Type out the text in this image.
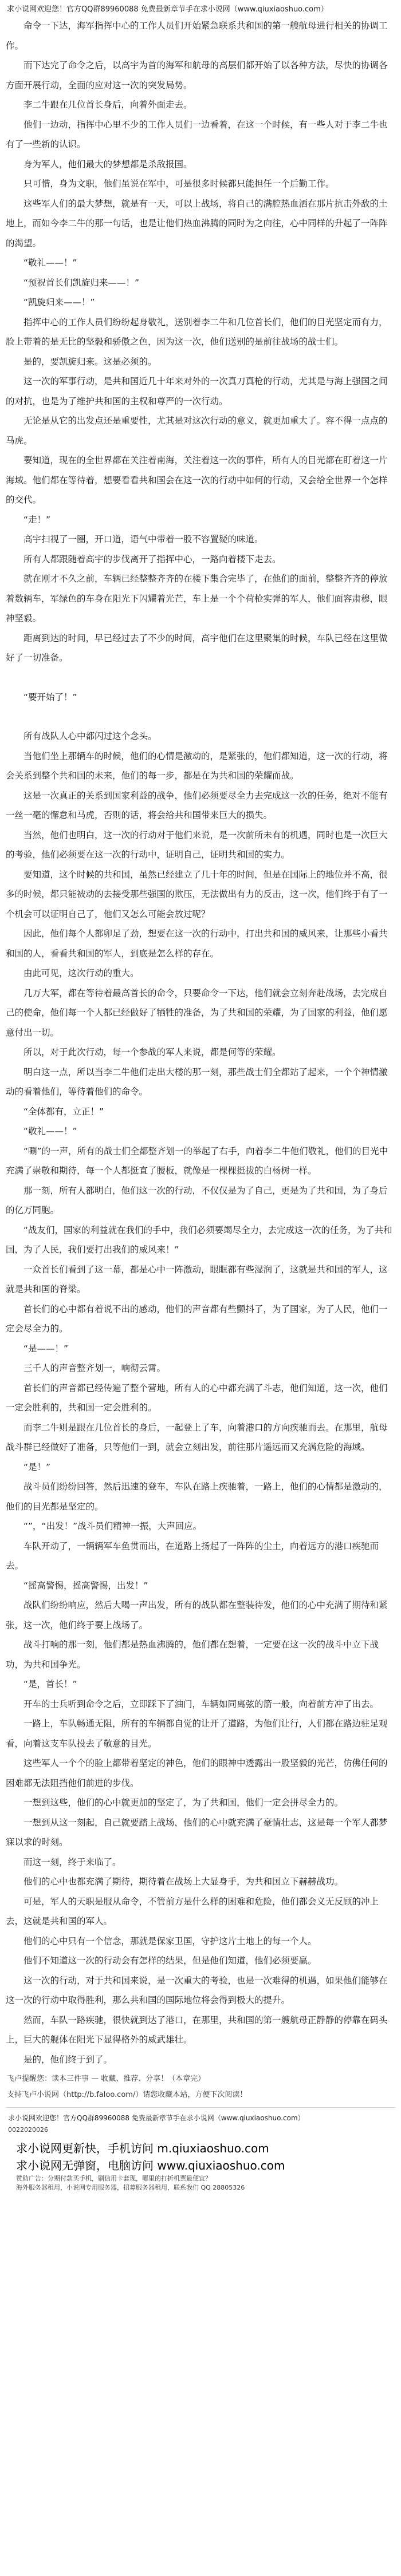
求小说网欢迎您！官方QQ群89960088 免费最新章节手在求小说网（www.qiuxiaoshuo.com）

命令一下达，海军指挥中心的工作人员们开始紧急联系共和国的第一艘航母进行相关的协调工作。

而下达完了命令之后，以高宇为首的海军和航母的高层们都开始了以各种方法，尽快的协调各方面开展行动，全面的应对这一次的突发局势。

李二牛跟在几位首长身后，向着外面走去。

他们一边动，指挥中心里不少的工作人员们一边看着，在这一个时候，有一些人对于李二牛也有了一些新的认识。

身为军人，他们最大的梦想都是杀敌报国。

只可惜，身为文职，他们虽说在军中，可是很多时候都只能担任一个后勤工作。

这些军人们的最大梦想，就是有一天，可以上战场，将自己的满腔热血洒在那片抗击外敌的土地上，而如今李二牛的那一句话，也是让他们热血沸腾的同时为之向往，心中同样的升起了一阵阵的渴望。

“敬礼——！”

“预祝首长们凯旋归来——！”

“凯旋归来——！”

指挥中心的工作人员们纷纷起身敬礼，送别着李二牛和几位首长们，他们的目光坚定而有力，脸上带着的是无比的坚毅和骄傲之色，因为这一次，他们送别的是前往战场的战士们。

是的，要凯旋归来。这是必须的。

这一次的军事行动，是共和国近几十年来对外的一次真刀真枪的行动，尤其是与海上强国之间的对抗，也是为了维护共和国的主权和尊严的一次行动。

无论是从它的出发点还是重要性，尤其是对这次行动的意义，就更加重大了。容不得一点点的马虎。

要知道，现在的全世界都在关注着南海，关注着这一次的事件，所有人的目光都在盯着这一片海域。他们都在等待着，想要看看共和国会在这一次的行动中如何的行动，又会给全世界一个怎样的交代。

“走！”

高宇扫视了一圈，开口道，语气中带着一股不容置疑的味道。

所有人都跟随着高宇的步伐离开了指挥中心，一路向着楼下走去。

就在刚才不久之前，车辆已经整整齐齐的在楼下集合完毕了，在他们的面前，整整齐齐的停放着数辆车，军绿色的车身在阳光下闪耀着光芒，车上是一个个荷枪实弹的军人，他们面容肃穆，眼神坚毅。

距离到达的时间，早已经过去了不少的时间，高宇他们在这里聚集的时候，车队已经在这里做好了一切准备。

“要开始了！”

所有战队人心中都闪过这个念头。

当他们坐上那辆车的时候，他们的心情是激动的，是紧张的，他们都知道，这一次的行动，将会关系到整个共和国的未来，他们的每一步，都是在为共和国的荣耀而战。

这是一次真正的关系到国家利益的战争，他们必须要尽全力去完成这一次的任务，绝对不能有一丝一毫的懈怠和马虎，否则的话，将会给共和国带来巨大的损失。

当然，他们也明白，这一次的行动对于他们来说，是一次前所未有的机遇，同时也是一次巨大的考验，他们必须要在这一次的行动中，证明自己，证明共和国的实力。

要知道，这个时候的共和国，虽然已经建立了几十年的时间，但是在国际上的地位并不高，很多的时候，都只能被动的去接受那些强国的欺压，无法做出有力的反击，这一次，他们终于有了一个机会可以证明自己了，他们又怎么可能会放过呢？

因此，他们每个人都卯足了劲，想要在这一次的行动中，打出共和国的威风来，让那些小看共和国的人，看看共和国的军人，到底是怎么样的存在。

由此可见，这次行动的重大。

几万大军，都在等待着最高首长的命令，只要命令一下达，他们就会立刻奔赴战场，去完成自己的使命，他们每一个人都已经做好了牺牲的准备，为了共和国的荣耀，为了国家的利益，他们愿意付出一切。

所以，对于此次行动，每一个参战的军人来说，都是何等的荣耀。

明白这一点，所以当李二牛他们走出大楼的那一刻，那些战士们全都站了起来，一个个神情激动的看着他们，等待着他们的命令。

“全体都有，立正！”

“敬礼——！”

“唰”的一声，所有的战士们全都整齐划一的举起了右手，向着李二牛他们敬礼，他们的目光中充满了崇敬和期待，每一个人都挺直了腰板，就像是一棵棵挺拔的白杨树一样。

那一刻，所有人都明白，他们这一次的行动，不仅仅是为了自己，更是为了共和国，为了身后的亿万同胞。

“战友们，国家的利益就在我们的手中，我们必须要竭尽全力，去完成这一次的任务，为了共和国，为了人民，我们要打出我们的威风来！”

一众首长们看到了这一幕，都是心中一阵激动，眼眶都有些湿润了，这就是共和国的军人，这就是共和国的脊梁。

首长们的心中都有着说不出的感动，他们的声音都有些颤抖了，为了国家，为了人民，他们一定会尽全力的。

“是——！”

三千人的声音整齐划一，响彻云霄。

首长们的声音都已经传遍了整个营地，所有人的心中都充满了斗志，他们知道，这一次，他们一定会胜利的，共和国一定会胜利的。

而李二牛则是跟在几位首长的身后，一起登上了车，向着港口的方向疾驰而去。在那里，航母战斗群已经做好了准备，只等他们一到，就会立刻出发，前往那片遥远而又充满危险的海域。

“是！”

战斗员们纷纷回答，然后迅速的登车，车队在路上疾驰着，一路上，他们的心情都是激动的，他们的目光都是坚定的。

“”，“出发！”战斗员们精神一振，大声回应。

车队开动了，一辆辆军车鱼贯而出，在道路上扬起了一阵阵的尘土，向着远方的港口疾驰而去。

“摇高警惕，摇高警惕，出发！”

战队们纷纷响应，然后大喝一声出发，所有的战队都在整装待发，他们的心中充满了期待和紧张，这一次，他们终于要上战场了。

战斗打响的那一刻，他们都是热血沸腾的，他们都在想着，一定要在这一次的战斗中立下战功，为共和国争光。

“是，首长！”

开车的士兵听到命令之后，立即踩下了油门，车辆如同离弦的箭一般，向着前方冲了出去。

一路上，车队畅通无阻，所有的车辆都自觉的让开了道路，为他们让行，人们都在路边驻足观看，向着这支车队投去了敬意的目光。

这些军人一个个的脸上都带着坚定的神色，他们的眼神中透露出一股坚毅的光芒，仿佛任何的困难都无法阻挡他们前进的步伐。

一想到这些，他们的心中就更加的坚定了，为了共和国，他们一定会拼尽全力的。

一想到从这一刻起，自己就要踏上战场，他们的心中就充满了豪情壮志，这是每一个军人都梦寐以求的时刻。

而这一刻，终于来临了。

他们的心中也都充满了期待，期待着在战场上大显身手，为共和国立下赫赫战功。

可是，军人的天职是服从命令，不管前方是什么样的困难和危险，他们都会义无反顾的冲上去，这就是共和国的军人。

他们的心中只有一个信念，那就是保家卫国，守护这片土地上的每一个人。

他们不知道这一次的行动会有怎样的结果，但是他们知道，他们必须要赢。

这一次的行动，对于共和国来说，是一次重大的考验，也是一次难得的机遇，如果他们能够在这一次的行动中取得胜利，那么共和国的国际地位将会得到极大的提升。

然而，车队一路疾驰，很快就到达了港口，在那里，共和国的第一艘航母正静静的停靠在码头上，巨大的舰体在阳光下显得格外的威武雄壮。

是的，他们终于到了。

飞卢提醒您：读本三件事 — 收藏、推荐、分享！（本章完）
支持飞卢小说网（http://b.faloo.com/）请您收藏本站，方便下次阅读！
求小说网欢迎您！官方QQ群89960088 免费最新章节手在求小说网（www.qiuxiaoshuo.com）
0022020026
求小说网更新快，手机访问 m.qiuxiaoshuo.com
求小说网无弹窗，电脑访问 www.qiuxiaoshuo.com
赞助广告：分期付款买手机，刷信用卡套现，哪里的打折机票最便宜？
海外服务器租用，小说网专用服务器，招募服务器租用，联系我们 QQ 28805326
